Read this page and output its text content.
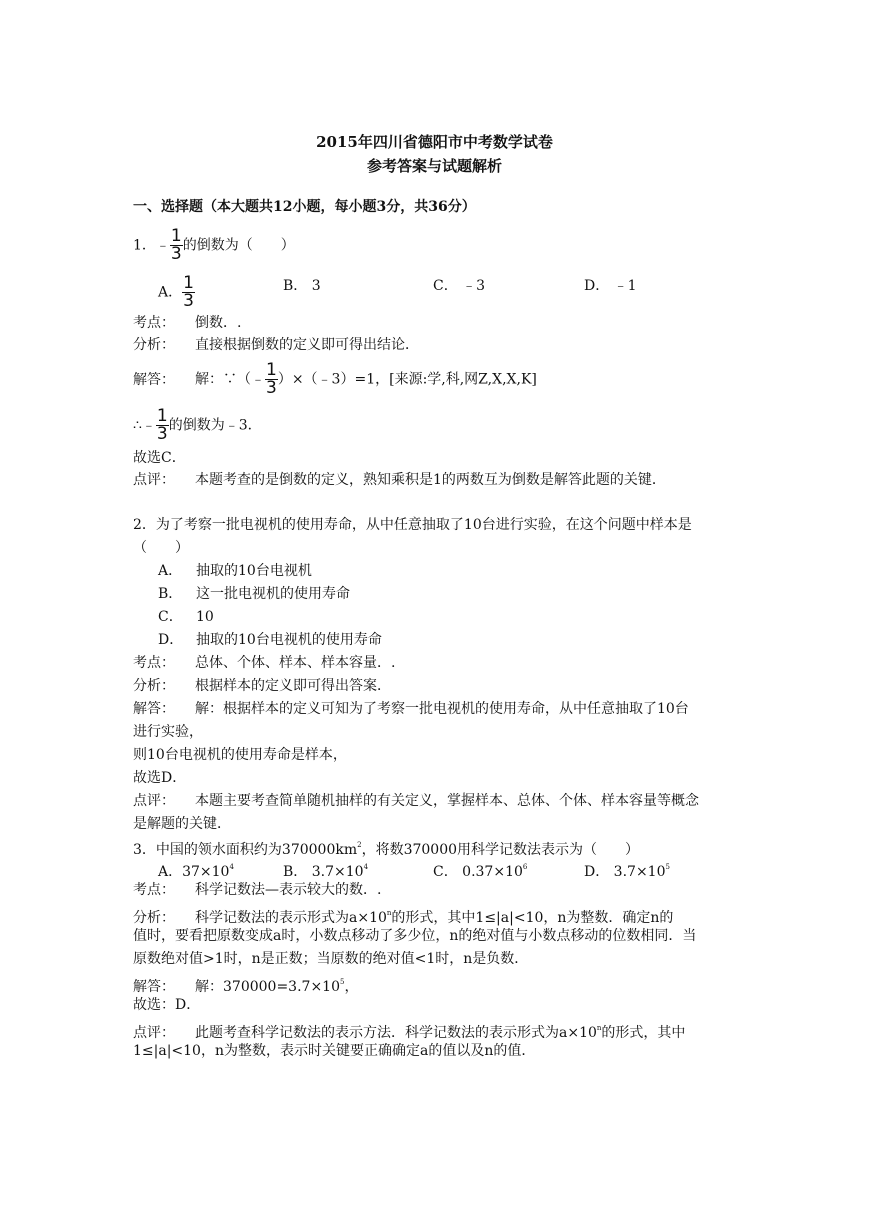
2015年四川省德阳市中考数学试卷
参考答案与试题解析
一、选择题（本大题共12小题，每小题3分，共36分）
1．﹣ $\frac{1}{3}$ 的倒数为（　　）
A． $\frac{1}{3}$	B． 3	C． ﹣3	D． ﹣1
考点： 倒数．.
分析： 直接根据倒数的定义即可得出结论．
解答： 解：∵（﹣ $\frac{1}{3}$ ）×（﹣3）=1，[来源:学,科,网Z,X,X,K]
∴﹣ $\frac{1}{3}$ 的倒数为﹣3．
故选C．
点评： 本题考查的是倒数的定义，熟知乘积是1的两数互为倒数是解答此题的关键．
2．为了考察一批电视机的使用寿命，从中任意抽取了10台进行实验，在这个问题中样本是
（　　）
A． 抽取的10台电视机
B． 这一批电视机的使用寿命
C． 10
D． 抽取的10台电视机的使用寿命
考点： 总体、个体、样本、样本容量．.
分析： 根据样本的定义即可得出答案．
解答： 解：根据样本的定义可知为了考察一批电视机的使用寿命，从中任意抽取了10台
进行实验，
则10台电视机的使用寿命是样本，
故选D．
点评： 本题主要考查简单随机抽样的有关定义，掌握样本、总体、个体、样本容量等概念
是解题的关键．
3．中国的领水面积约为$370000km^2$，将数370000用科学记数法表示为（　　）
A．$37\times 10^4$	B． $3.7\times 10^4$	C． $0.37\times 10^6$	D． $3.7\times 10^5$
考点： 科学记数法—表示较大的数．.
分析： 科学记数法的表示形式为$a\times 10^n$的形式，其中1≤|a|<10，n为整数．确定n的
值时，要看把原数变成a时，小数点移动了多少位，n的绝对值与小数点移动的位数相同．当
原数绝对值>1时，n是正数；当原数的绝对值<1时，n是负数．
解答： 解：$370000=3.7\times 10^5$，
故选：D．
点评： 此题考查科学记数法的表示方法．科学记数法的表示形式为$a\times 10^n$的形式，其中
1≤|a|<10，n为整数，表示时关键要正确确定a的值以及n的值．
